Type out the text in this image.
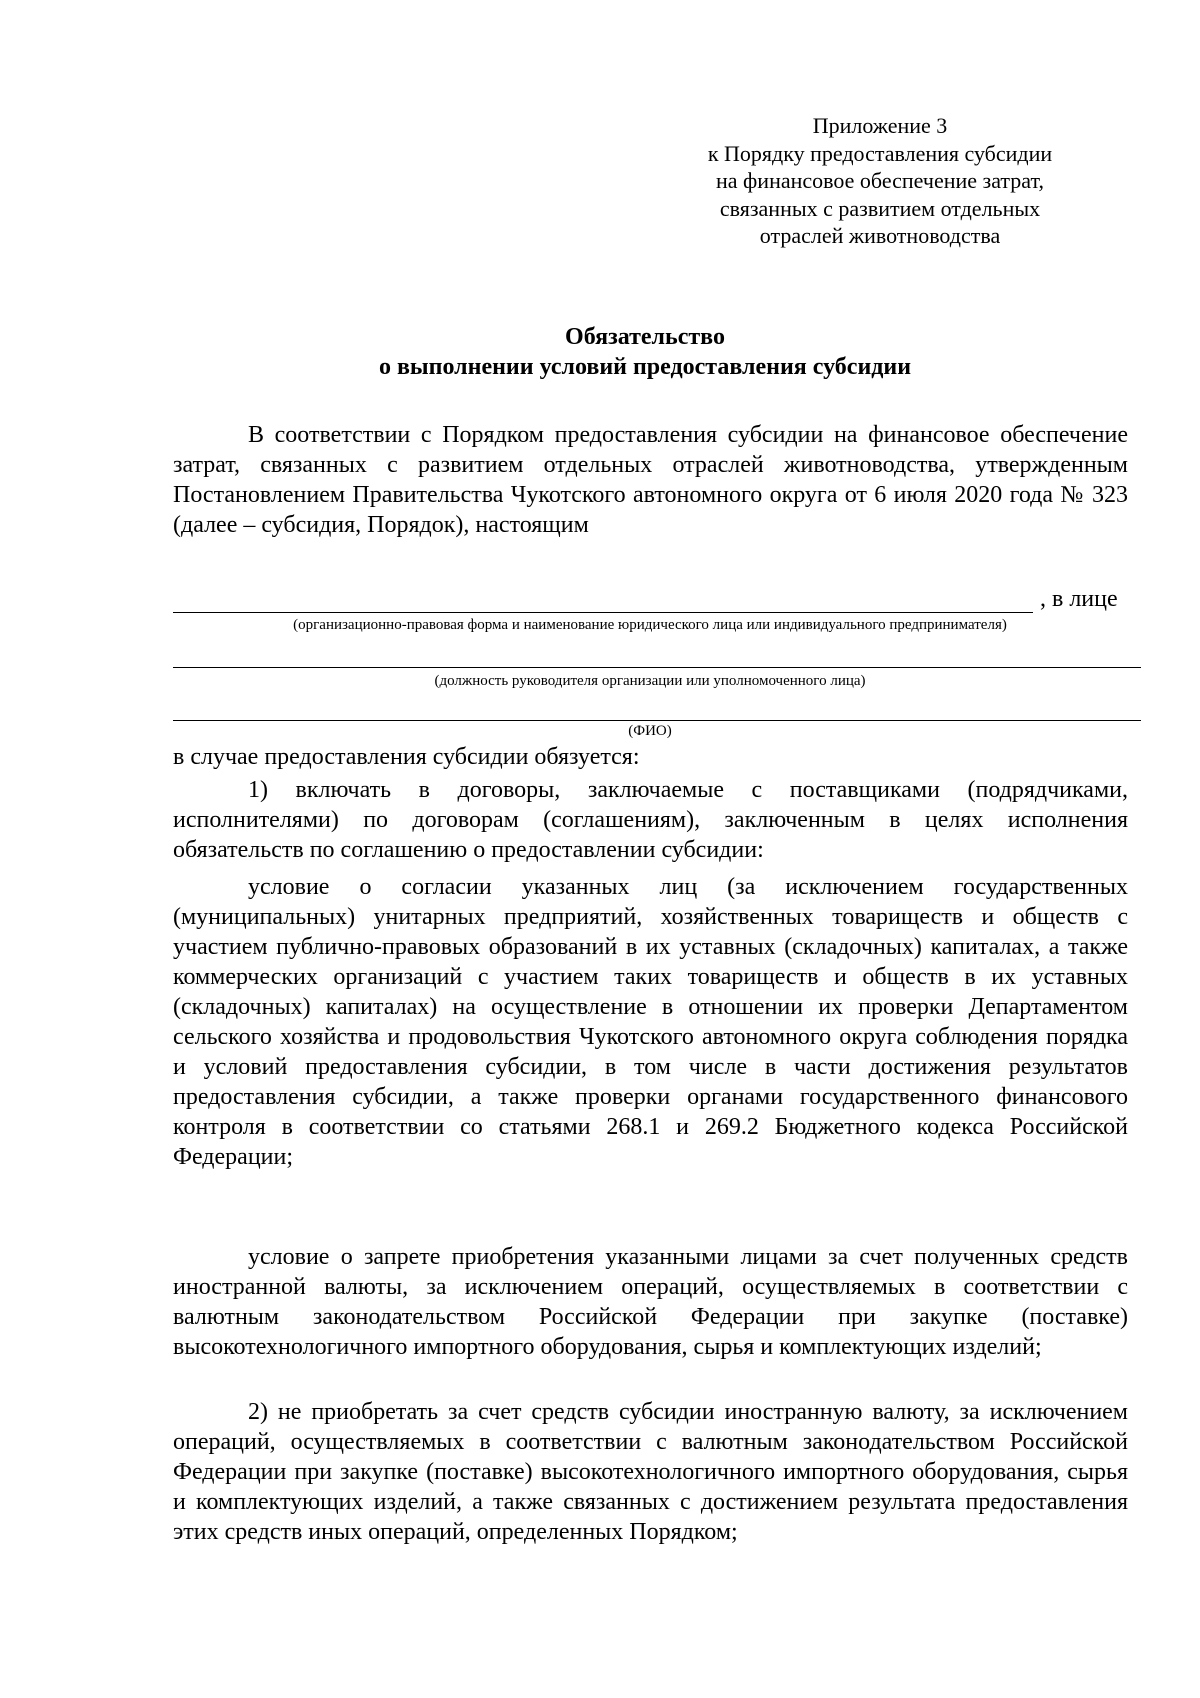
Приложение 3
к Порядку предоставления субсидии
на финансовое обеспечение затрат,
связанных с развитием отдельных
отраслей животноводства
Обязательство
о выполнении условий предоставления субсидии

В соответствии с Порядком предоставления субсидии на финансовое обеспечение затрат, связанных с развитием отдельных отраслей животноводства, утвержденным Постановлением Правительства Чукотского автономного округа от 6 июля 2020 года № 323 (далее – субсидия, Порядок), настоящим

, в лице
(организационно-правовая форма и наименование юридического лица или индивидуального предпринимателя)
(должность руководителя организации или уполномоченного лица)
(ФИО)

в случае предоставления субсидии обязуется:

1) включать в договоры, заключаемые с поставщиками (подрядчиками, исполнителями) по договорам (соглашениям), заключенным в целях исполнения обязательств по соглашению о предоставлении субсидии:

условие о согласии указанных лиц (за исключением государственных (муниципальных) унитарных предприятий, хозяйственных товариществ и обществ с участием публично-правовых образований в их уставных (складочных) капиталах, а также коммерческих организаций с участием таких товариществ и обществ в их уставных (складочных) капиталах) на осуществление в отношении их проверки Департаментом сельского хозяйства и продовольствия Чукотского автономного округа соблюдения порядка и условий предоставления субсидии, в том числе в части достижения результатов предоставления субсидии, а также проверки органами государственного финансового контроля в соответствии со статьями 268.1 и 269.2 Бюджетного кодекса Российской Федерации;

условие о запрете приобретения указанными лицами за счет полученных средств иностранной валюты, за исключением операций, осуществляемых в соответствии с валютным законодательством Российской Федерации при закупке (поставке) высокотехнологичного импортного оборудования, сырья и комплектующих изделий;

2) не приобретать за счет средств субсидии иностранную валюту, за исключением операций, осуществляемых в соответствии с валютным законодательством Российской Федерации при закупке (поставке) высокотехнологичного импортного оборудования, сырья и комплектующих изделий, а также связанных с достижением результата предоставления этих средств иных операций, определенных Порядком;
